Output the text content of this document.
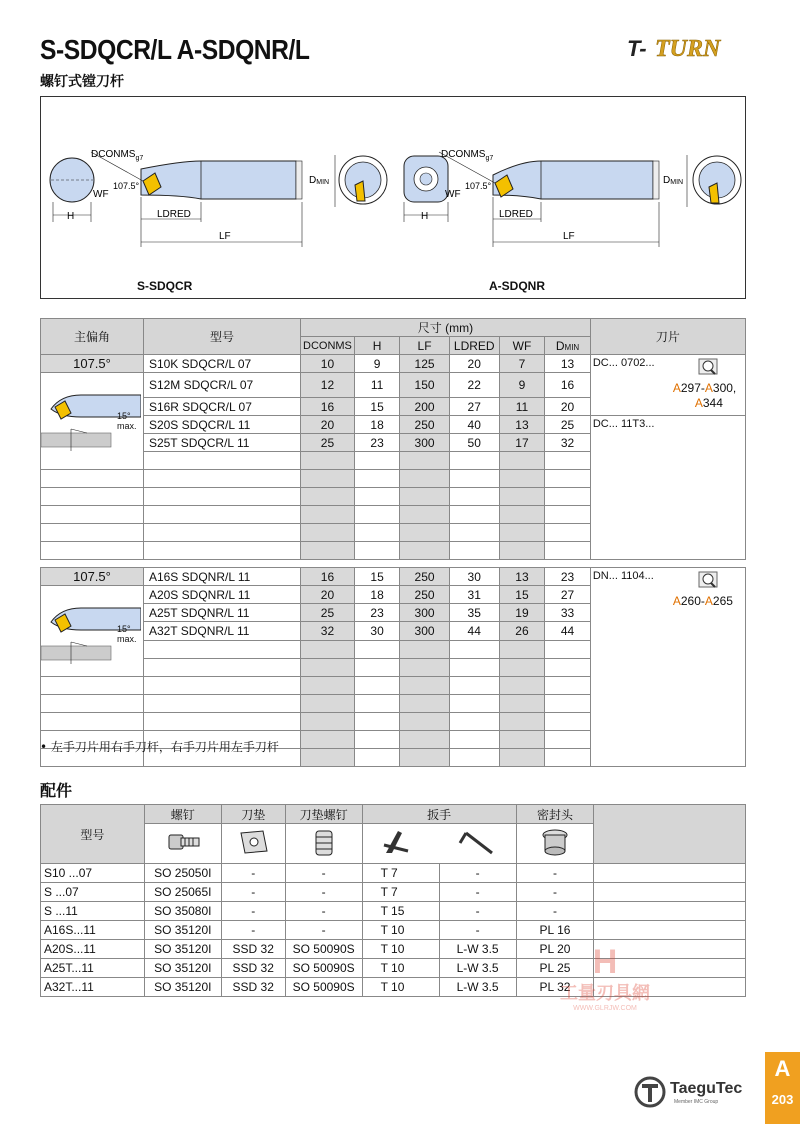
S-SDQCR/L A-SDQNR/L
螺钉式镗刀杆
T- TURN
H
$DCONMS_{g7}$
107.5°
WF
LDRED
LF
DMIN
H
$DCONMS_{g7}$
107.5°
WF
LDRED
LF
DMIN
S-SDQCR	A-SDQNR
主偏角	型号	尺寸 (mm)						刀片
		DCONMS	H	LF	LDRED	WF	DMIN	
107.5°	S10K SDQCR/L 07	10	9	125	20	7	13	DC... 0702...
A297-A300,
A344

15°
max.	S12M SDQCR/L 07	12	11	150	22	9	16	
	S16R SDQCR/L 07	16	15	200	27	11	20	
	S20S SDQCR/L 11	20	18	250	40	13	25	DC... 11T3...

	S25T SDQCR/L 11	25	23	300	50	17	32	

107.5°	A16S SDQNR/L 11	16	15	250	30	13	23	DN... 1104...
A260-A265

15°
max.	A20S SDQNR/L 11	20	18	250	31	15	27	
	A25T SDQNR/L 11	25	23	300	35	19	33	
	A32T SDQNR/L 11	32	30	300	44	26	44	

• 左手刀片用右手刀杆，右手刀片用左手刀杆
配件
型号	螺钉	刀垫	刀垫螺钉	扳手		密封头	

S10 ...07	SO 25050I	-	-	T 7	-	-	
S ...07	SO 25065I	-	-	T 7	-	-	
S ...11	SO 35080I	-	-	T 15	-	-	
A16S...11	SO 35120I	-	-	T 10	-	PL 16	
A20S...11	SO 35120I	SSD 32	SO 50090S	T 10	L-W 3.5	PL 20	
A25T...11	SO 35120I	SSD 32	SO 50090S	T 10	L-W 3.5	PL 25	
A32T...11	SO 35120I	SSD 32	SO 50090S	T 10	L-W 3.5	PL 32	
H
工量刃具網
WWW.GLRJW.COM
TaeguTec
Member IMC Group
A
203
